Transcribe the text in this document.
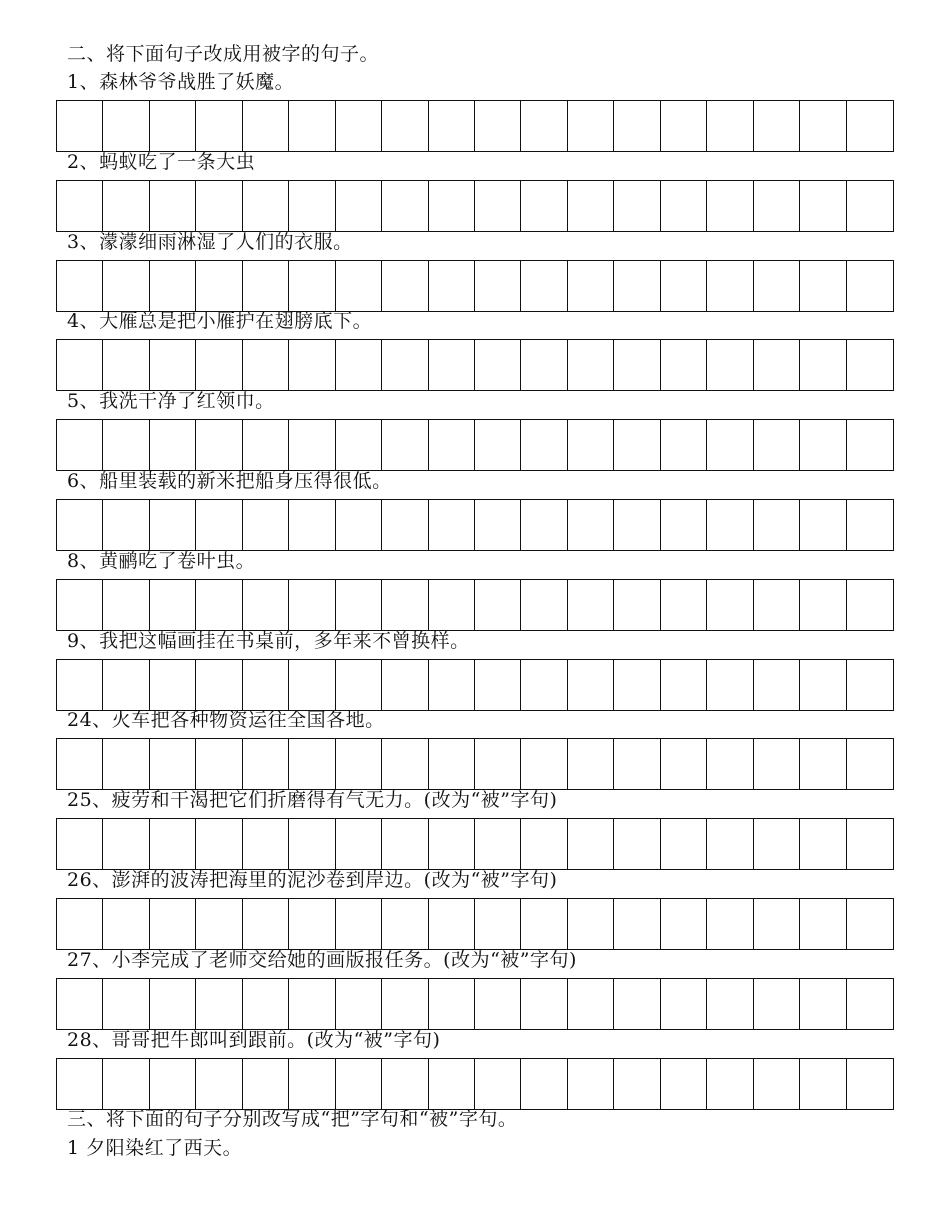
二、将下面句子改成用被字的句子。
1、森林爷爷战胜了妖魔。
2、蚂蚁吃了一条大虫
3、濛濛细雨淋湿了人们的衣服。
4、大雁总是把小雁护在翅膀底下。
5、我洗干净了红领巾。
6、船里装载的新米把船身压得很低。
8、黄鹂吃了卷叶虫。
9、我把这幅画挂在书桌前，多年来不曾换样。
24、火车把各种物资运往全国各地。
25、疲劳和干渴把它们折磨得有气无力。(改为“被”字句)
26、澎湃的波涛把海里的泥沙卷到岸边。(改为“被”字句)
27、小李完成了老师交给她的画版报任务。(改为“被”字句)
28、哥哥把牛郎叫到跟前。(改为“被”字句)
三、将下面的句子分别改写成“把”字句和“被”字句。
1 夕阳染红了西天。
